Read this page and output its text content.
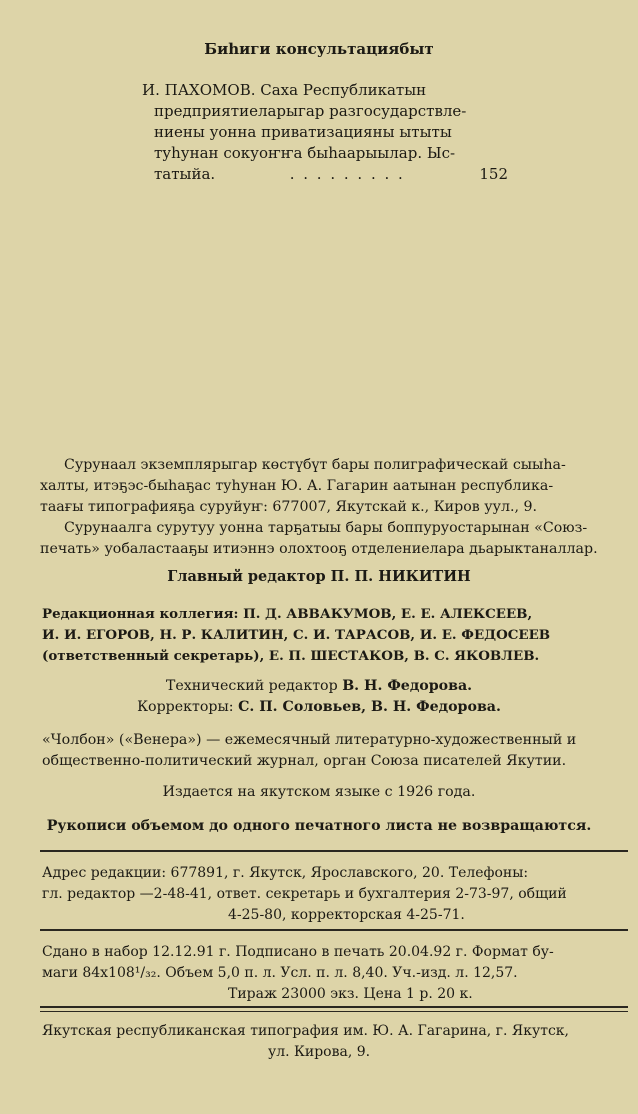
Биһиги консультациябыт
И. ПАХОМОВ. Саха Республикатын
предприятиеларыгар разгосударствле-
ниены уонна приватизацияны ытыты
туһунан сокуоҥҥа быһаарыылар. Ыс-
татыйа.	. . . . . . . . .	152
Сурунаал экземплярыгар көстүбүт бары полиграфическай сыыһа-
халты, итэҕэс-быһаҕас туһунан Ю. А. Гагарин аатынан республика-
таағы типографияҕа суруйуҥ: 677007, Якутскай к., Киров уул., 9.
Сурунаалга сурутуу уонна тарҕатыы бары боппуруостарынан «Союз-
печать» уобаластааҕы итиэннэ олохтооҕ отделениелара дьарыктаналлар.
Главный редактор П. П. НИКИТИН
Редакционная коллегия: П. Д. АВВАКУМОВ, Е. Е. АЛЕКСЕЕВ,
И. И. ЕГОРОВ, Н. Р. КАЛИТИН, С. И. ТАРАСОВ, И. Е. ФЕДОСЕЕВ
(ответственный секретарь), Е. П. ШЕСТАКОВ, В. С. ЯКОВЛЕВ.
Технический редактор В. Н. Федорова.
Корректоры: С. П. Соловьев, В. Н. Федорова.
«Чолбон» («Венера») — ежемесячный литературно-художественный и
общественно-политический журнал, орган Союза писателей Якутии.
Издается на якутском языке с 1926 года.
Рукописи объемом до одного печатного листа не возвращаются.
Адрес редакции: 677891, г. Якутск, Ярославского, 20. Телефоны:
гл. редактор —2-48-41, ответ. секретарь и бухгалтерия 2-73-97, общий
4-25-80, корректорская 4-25-71.
Сдано в набор 12.12.91 г. Подписано в печать 20.04.92 г. Формат бу-
маги 84х108¹/₃₂. Объем 5,0 п. л. Усл. п. л. 8,40. Уч.-изд. л. 12,57.
Тираж 23000 экз. Цена 1 р. 20 к.
Якутская республиканская типография им. Ю. А. Гагарина, г. Якутск,
ул. Кирова, 9.
